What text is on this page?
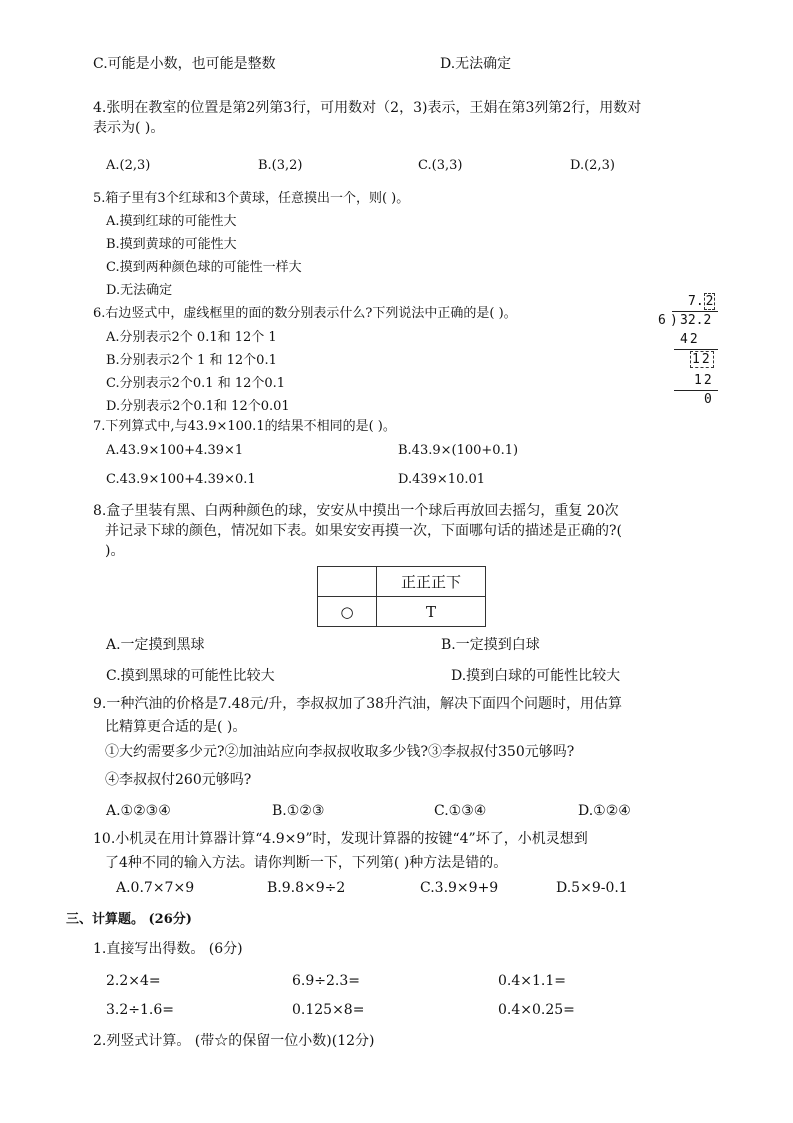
C.可能是小数，也可能是整数	D.无法确定
4.张明在教室的位置是第2列第3行，可用数对（2，3)表示，王娟在第3列第2行，用数对
表示为( )。
A.(2,3)	B.(3,2)	C.(3,3)	D.(2,3)
5.箱子里有3个红球和3个黄球，任意摸出一个，则( )。
A.摸到红球的可能性大
B.摸到黄球的可能性大
C.摸到两种颜色球的可能性一样大
D.无法确定
6.右边竖式中，虚线框里的面的数分别表示什么?下列说法中正确的是( )。
A.分别表示2个 0.1和 12个 1
B.分别表示2个 1 和 12个0.1
C.分别表示2个0.1 和 12个0.1
D.分别表示2个0.1和 12个0.01
7. 2
6 ) 32.2
42
12
12
0
7.下列算式中,与43.9×100.1的结果不相同的是( )。
A.43.9×100+4.39×1	B.43.9×(100+0.1)
C.43.9×100+4.39×0.1	D.439×10.01
8.盒子里装有黑、白两种颜色的球，安安从中摸出一个球后再放回去摇匀，重复 20次
并记录下球的颜色，情况如下表。如果安安再摸一次，下面哪句话的描述是正确的?(
)。
	正正正下
○	T
A.一定摸到黑球	B.一定摸到白球
C.摸到黑球的可能性比较大	D.摸到白球的可能性比较大
9.一种汽油的价格是7.48元/升，李叔叔加了38升汽油，解决下面四个问题时，用估算
比精算更合适的是( )。
①大约需要多少元?②加油站应向李叔叔收取多少钱?③李叔叔付350元够吗?
④李叔叔付260元够吗?
A.①②③④	B.①②③	C.①③④	D.①②④
10.小机灵在用计算器计算“4.9×9”时，发现计算器的按键“4”坏了，小机灵想到
了4种不同的输入方法。请你判断一下，下列第( )种方法是错的。
A.0.7×7×9	B.9.8×9÷2	C.3.9×9+9	D.5×9-0.1
三、计算题。 (26分)
1.直接写出得数。 (6分)
2.2×4=	6.9÷2.3=	0.4×1.1=
3.2÷1.6=	0.125×8=	0.4×0.25=
2.列竖式计算。 (带☆的保留一位小数)(12分)
